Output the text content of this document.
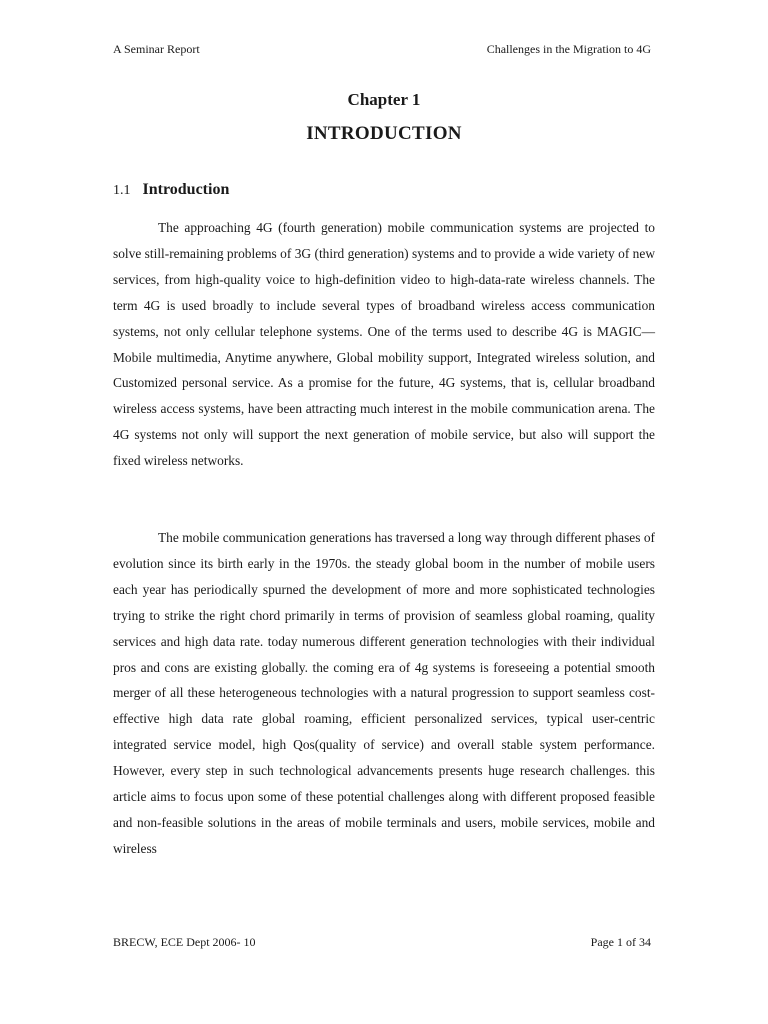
A Seminar Report	Challenges in the Migration to 4G
Chapter 1
INTRODUCTION
1.1 Introduction

The approaching 4G (fourth generation) mobile communication systems are projected to solve still-remaining problems of 3G (third generation) systems and to provide a wide variety of new services, from high-quality voice to high-definition video to high-data-rate wireless channels. The term 4G is used broadly to include several types of broadband wireless access communication systems, not only cellular telephone systems. One of the terms used to describe 4G is MAGIC—Mobile multimedia, Anytime anywhere, Global mobility support, Integrated wireless solution, and Customized personal service. As a promise for the future, 4G systems, that is, cellular broadband wireless access systems, have been attracting much interest in the mobile communication arena. The 4G systems not only will support the next generation of mobile service, but also will support the fixed wireless networks.

The mobile communication generations has traversed a long way through different phases of evolution since its birth early in the 1970s. the steady global boom in the number of mobile users each year has periodically spurned the development of more and more sophisticated technologies trying to strike the right chord primarily in terms of provision of seamless global roaming, quality services and high data rate. today numerous different generation technologies with their individual pros and cons are existing globally. the coming era of 4g systems is foreseeing a potential smooth merger of all these heterogeneous technologies with a natural progression to support seamless cost-effective high data rate global roaming, efficient personalized services, typical user-centric integrated service model, high Qos(quality of service) and overall stable system performance. However, every step in such technological advancements presents huge research challenges. this article aims to focus upon some of these potential challenges along with different proposed feasible and non-feasible solutions in the areas of mobile terminals and users, mobile services, mobile and wireless

BRECW, ECE Dept 2006- 10	Page 1 of 34
